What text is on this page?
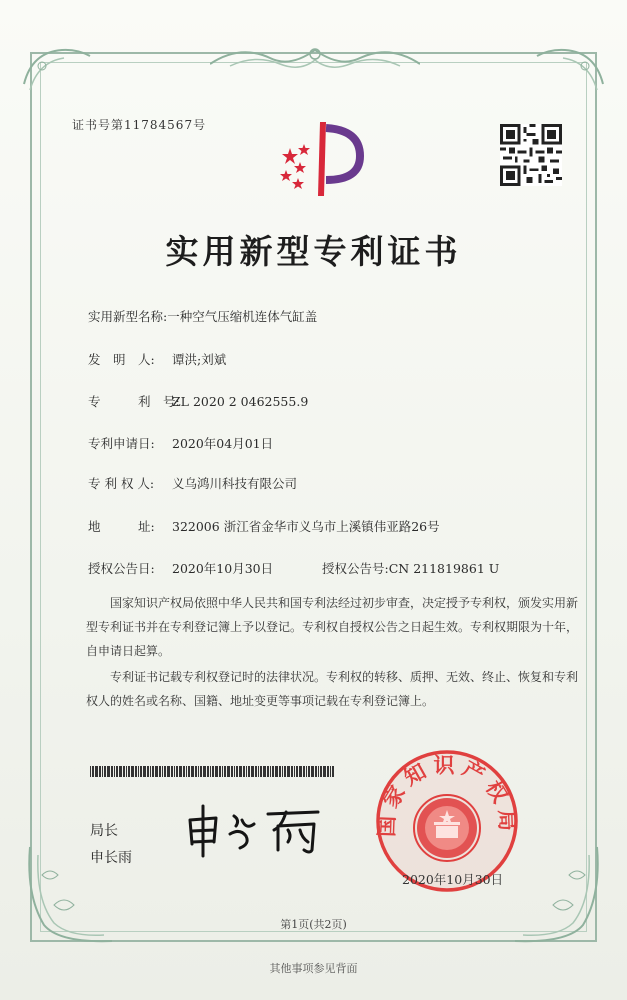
证书号第11784567号
实用新型专利证书
实用新型名称:一种空气压缩机连体气缸盖
发　明　人: 谭洪;刘斌
专　　　利　号:ZL 2020 2 0462555.9
专利申请日: 2020年04月01日
专 利 权 人: 义乌鸿川科技有限公司
地　　　址: 322006 浙江省金华市义乌市上溪镇伟亚路26号
授权公告日: 2020年10月30日	授权公告号:CN 211819861 U
国家知识产权局依照中华人民共和国专利法经过初步审查，决定授予专利权，颁发实用新型专利证书并在专利登记簿上予以登记。专利权自授权公告之日起生效。专利权期限为十年，自申请日起算。
专利证书记载专利权登记时的法律状况。专利权的转移、质押、无效、终止、恢复和专利权人的姓名或名称、国籍、地址变更等事项记载在专利登记簿上。
局长
申长雨
国家知识产权局
2020年10月30日
第1页(共2页)
其他事项参见背面
